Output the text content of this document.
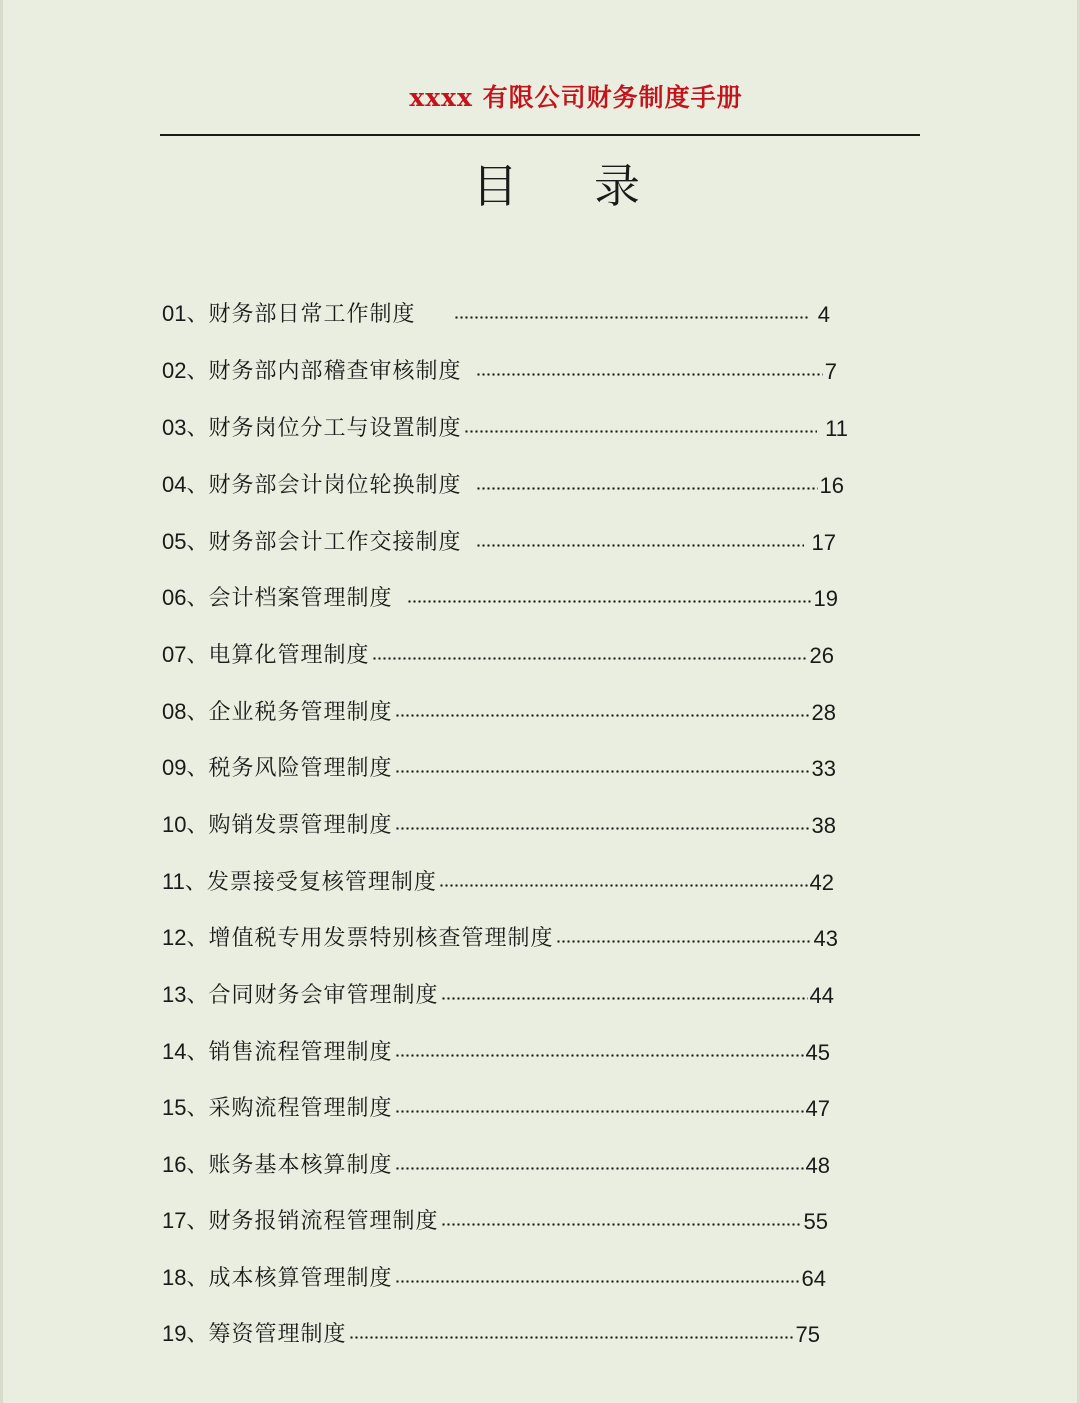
xxxx 有限公司财务制度手册
目 录
01、 财务部日常工作制度	4
02、 财务部内部稽查审核制度	7
03、 财务岗位分工与设置制度	11
04、 财务部会计岗位轮换制度	16
05、 财务部会计工作交接制度	17
06、 会计档案管理制度	19
07、 电算化管理制度	26
08、 企业税务管理制度	28
09、 税务风险管理制度	33
10、 购销发票管理制度	38
11、 发票接受复核管理制度	42
12、 增值税专用发票特别核查管理制度	43
13、 合同财务会审管理制度	44
14、 销售流程管理制度	45
15、 采购流程管理制度	47
16、 账务基本核算制度	48
17、 财务报销流程管理制度	55
18、 成本核算管理制度	64
19、 筹资管理制度	75
